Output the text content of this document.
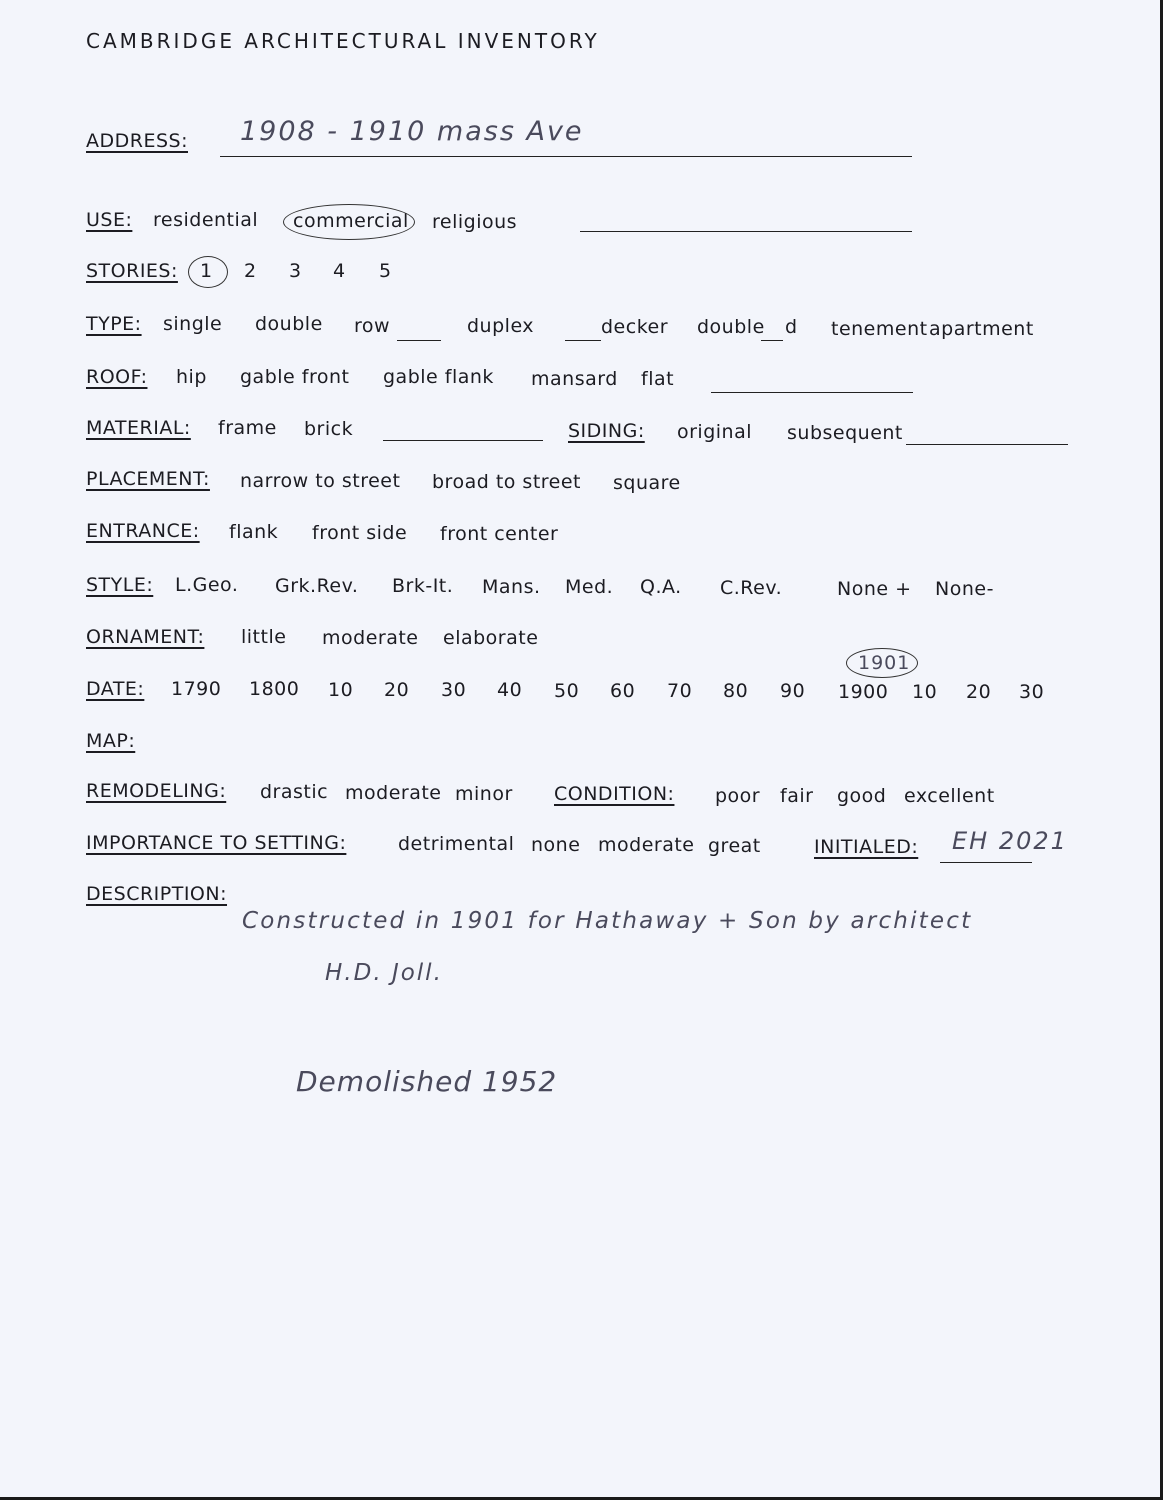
CAMBRIDGE ARCHITECTURAL INVENTORY
ADDRESS: 1908 - 1910 mass Ave
USE: residential commercial religious
STORIES: 1 2 3 4 5
TYPE: single double row	duplex	decker double d tenement apartment
ROOF: hip gable front gable flank mansard flat
MATERIAL: frame brick	SIDING: original subsequent
PLACEMENT: narrow to street broad to street square
ENTRANCE: flank front side front center
STYLE: L.Geo. Grk.Rev. Brk-It. Mans. Med. Q.A. C.Rev.	None + None-
ORNAMENT: little moderate elaborate
DATE: 1790 1800 10 20 30 40 50 60 70 80 90 1900 10 20 30
1901
MAP:
REMODELING: drastic moderate minor CONDITION: poor fair good excellent
IMPORTANCE TO SETTING:	detrimental none moderate great	INITIALED: EH 2021
DESCRIPTION:
Constructed in 1901 for Hathaway + Son by architect
H.D. Joll.
Demolished 1952
